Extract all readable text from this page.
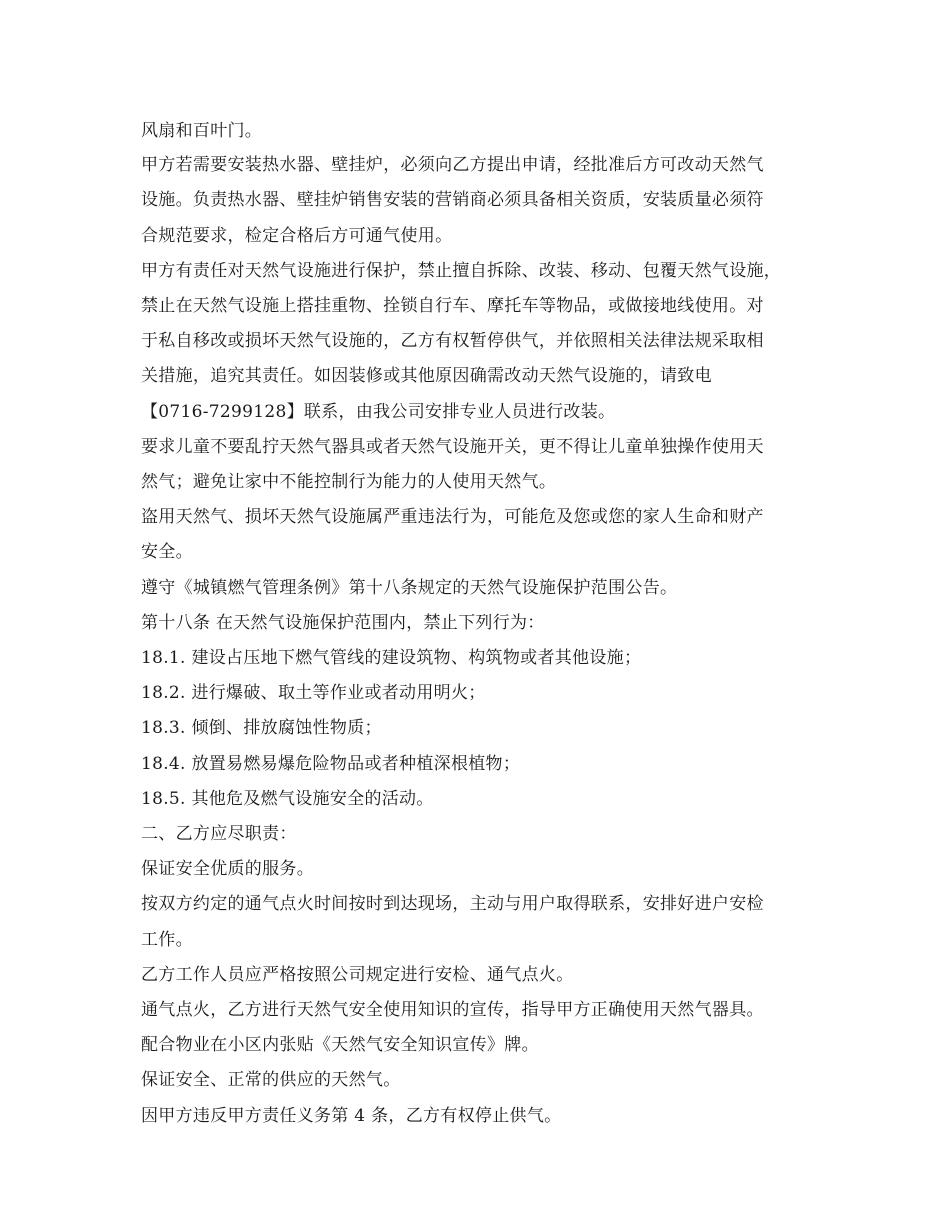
风扇和百叶门。
甲方若需要安装热水器、壁挂炉，必须向乙方提出申请，经批准后方可改动天然气
设施。负责热水器、壁挂炉销售安装的营销商必须具备相关资质，安装质量必须符
合规范要求，检定合格后方可通气使用。
甲方有责任对天然气设施进行保护，禁止擅自拆除、改装、移动、包覆天然气设施，
禁止在天然气设施上搭挂重物、拴锁自行车、摩托车等物品，或做接地线使用。对
于私自移改或损坏天然气设施的，乙方有权暂停供气，并依照相关法律法规采取相
关措施，追究其责任。如因装修或其他原因确需改动天然气设施的，请致电
【0716-7299128】联系，由我公司安排专业人员进行改装。
要求儿童不要乱拧天然气器具或者天然气设施开关，更不得让儿童单独操作使用天
然气；避免让家中不能控制行为能力的人使用天然气。
盗用天然气、损坏天然气设施属严重违法行为，可能危及您或您的家人生命和财产
安全。
遵守《城镇燃气管理条例》第十八条规定的天然气设施保护范围公告。
第十八条 在天然气设施保护范围内，禁止下列行为：
18.1. 建设占压地下燃气管线的建设筑物、构筑物或者其他设施；
18.2. 进行爆破、取土等作业或者动用明火；
18.3. 倾倒、排放腐蚀性物质；
18.4. 放置易燃易爆危险物品或者种植深根植物；
18.5. 其他危及燃气设施安全的活动。
二、乙方应尽职责：
保证安全优质的服务。
按双方约定的通气点火时间按时到达现场，主动与用户取得联系，安排好进户安检
工作。
乙方工作人员应严格按照公司规定进行安检、通气点火。
通气点火，乙方进行天然气安全使用知识的宣传，指导甲方正确使用天然气器具。
配合物业在小区内张贴《天然气安全知识宣传》牌。
保证安全、正常的供应的天然气。
因甲方违反甲方责任义务第 4 条，乙方有权停止供气。
